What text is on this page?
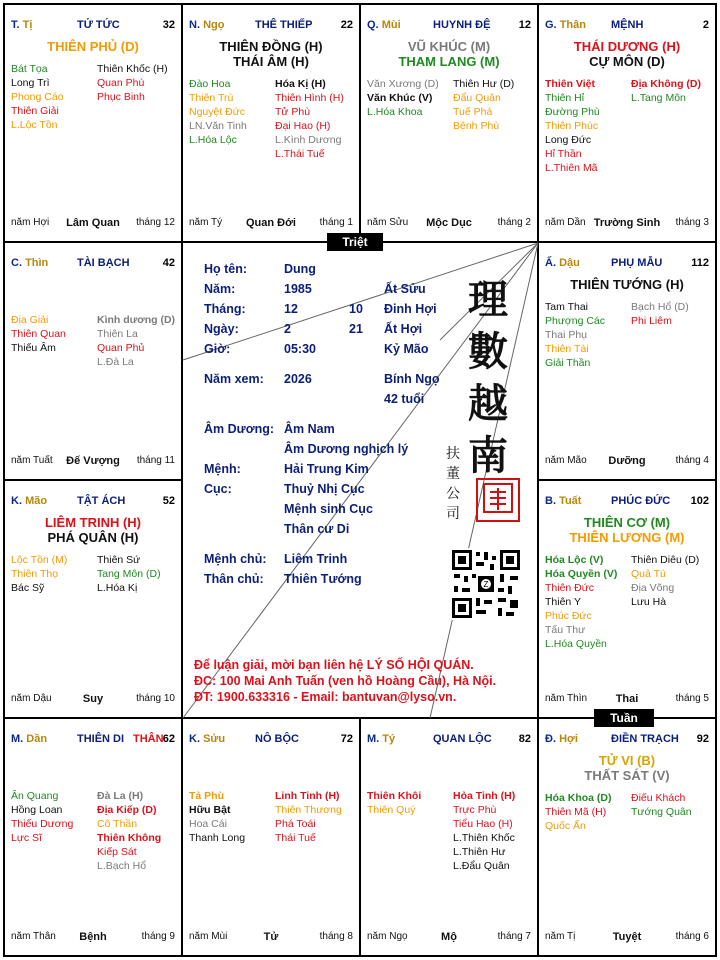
Triệt
Tuần
Họ tên:	Dung
Năm:	1985	Ất Sửu
Tháng:	12	10 Đinh Hợi
Ngày:	2	21 Ất Hợi
Giờ:	05:30	Kỷ Mão
Năm xem: 2026	Bính Ngọ
42 tuổi
Âm Dương: Âm Nam
Âm Dương nghịch lý
Mệnh:	Hải Trung Kim
Cục:	Thuỷ Nhị Cục
Mệnh sinh Cục
Thân cư Di
Mệnh chủ: Liêm Trinh
Thân chủ: Thiên Tướng
理
數
越
南
扶
董
公
司
Z
Để luận giải, mời bạn liên hệ LÝ SỐ HỘI QUÁN.
ĐC: 100 Mai Anh Tuấn (ven hồ Hoàng Cầu), Hà Nội.
ĐT: 1900.633316 - Email: bantuvan@lyso.vn.
T. Tị	TỬ TỨC	32
THIÊN PHỦ (D)
Bát Tọa
Long Trì
Phong Cáo
Thiên Giải
L.Lộc Tồn
Thiên Khốc (H)
Quan Phù
Phục Binh
năm Hợi	Lâm Quan	tháng 12
N. Ngọ	THÊ THIẾP	22
THIÊN ĐỒNG (H)
THÁI ÂM (H)
Đào Hoa
Thiên Trù
Nguyệt Đức
LN.Văn Tinh
L.Hóa Lộc
Hóa Kị (H)
Thiên Hình (H)
Tử Phù
Đại Hao (H)
L.Kình Dương
L.Thái Tuế
năm Tý	Quan Đới	tháng 1
Q. Mùi	HUYNH ĐỆ	12
VŨ KHÚC (M)
THAM LANG (M)
Văn Xương (D)
Văn Khúc (V)
L.Hóa Khoa
Thiên Hư (D)
Đẩu Quân
Tuế Phá
Bệnh Phù
năm Sửu	Mộc Dục	tháng 2
G. Thân MỆNH	2
THÁI DƯƠNG (H)
CỰ MÔN (D)
Thiên Việt
Thiên Hỉ
Đường Phù
Thiên Phúc
Long Đức
Hỉ Thần
L.Thiên Mã
Địa Không (D)
L.Tang Môn
năm Dần Trường Sinh	tháng 3
C. Thìn	TÀI BẠCH	42
Địa Giải
Thiên Quan
Thiếu Âm
Kình dương (D)
Thiên La
Quan Phủ
L.Đà La
năm Tuất	Đế Vượng	tháng 11
Ấ. Dậu	PHỤ MẪU	112
THIÊN TƯỚNG (H)
Tam Thai
Phượng Các
Thai Phụ
Thiên Tài
Giải Thần
Bạch Hổ (D)
Phi Liêm
năm Mão	Dưỡng	tháng 4
K. Mão	TẬT ÁCH	52
LIÊM TRINH (H)
PHÁ QUÂN (H)
Lộc Tồn (M)
Thiên Thọ
Bác Sỹ
Thiên Sứ
Tang Môn (D)
L.Hóa Kị
năm Dậu	Suy	tháng 10
B. Tuất	PHÚC ĐỨC 102
THIÊN CƠ (M)
THIÊN LƯƠNG (M)
Hóa Lộc (V)
Hóa Quyền (V)
Thiên Đức
Thiên Y
Phúc Đức
Tấu Thư
L.Hóa Quyền
Thiên Diêu (D)
Quả Tú
Địa Võng
Lưu Hà
năm Thìn	Thai	tháng 5
M. Dần	THIÊN DI THÂN 62
Ân Quang
Hồng Loan
Thiếu Dương
Lực Sĩ
Đà La (H)
Địa Kiếp (D)
Cô Thần
Thiên Không
Kiếp Sát
L.Bạch Hổ
năm Thân	Bệnh	tháng 9
K. Sửu	NÔ BỘC	72
Tả Phù
Hữu Bật
Hoa Cái
Thanh Long
Linh Tinh (H)
Thiên Thương
Phá Toái
Thái Tuế
năm Mùi	Tử	tháng 8
M. Tý	QUAN LỘC 82
Thiên Khôi
Thiên Quý
Hỏa Tinh (H)
Trực Phù
Tiểu Hao (H)
L.Thiên Khốc
L.Thiên Hư
L.Đẩu Quân
năm Ngọ	Mộ	tháng 7
Đ. Hợi	ĐIỀN TRẠCH 92
TỬ VI (B)
THẤT SÁT (V)
Hóa Khoa (D)
Thiên Mã (H)
Quốc Ấn
Điếu Khách
Tướng Quân
năm Tị	Tuyệt	tháng 6
